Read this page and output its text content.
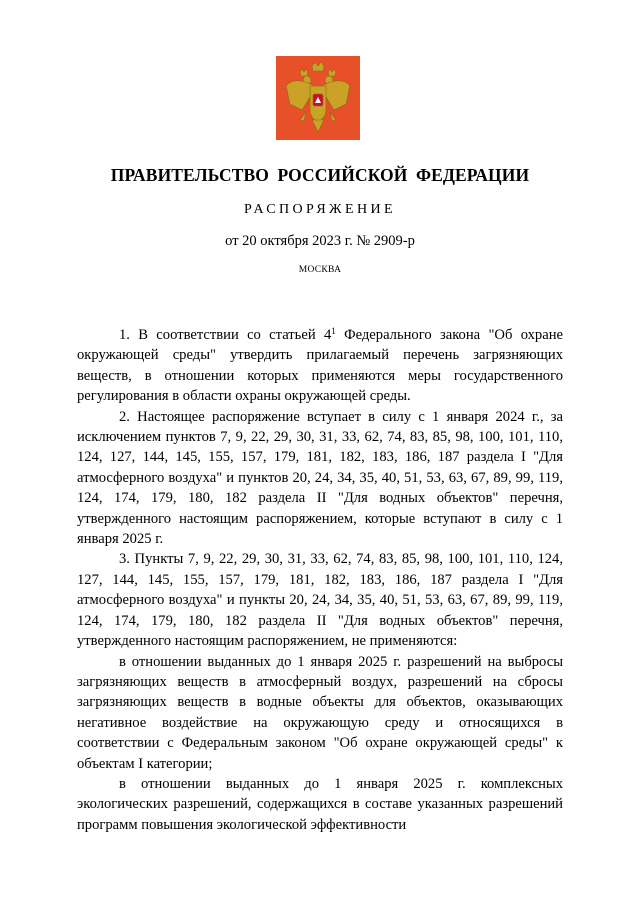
ПРАВИТЕЛЬСТВО РОССИЙСКОЙ ФЕДЕРАЦИИ
РАСПОРЯЖЕНИЕ
от 20 октября 2023 г. № 2909-р
МОСКВА

1. В соответствии со статьей $4^1$ Федерального закона "Об охране окружающей среды" утвердить прилагаемый перечень загрязняющих веществ, в отношении которых применяются меры государственного регулирования в области охраны окружающей среды.

2. Настоящее распоряжение вступает в силу с 1 января 2024 г., за исключением пунктов 7, 9, 22, 29, 30, 31, 33, 62, 74, 83, 85, 98, 100, 101, 110, 124, 127, 144, 145, 155, 157, 179, 181, 182, 183, 186, 187 раздела I "Для атмосферного воздуха" и пунктов 20, 24, 34, 35, 40, 51, 53, 63, 67, 89, 99, 119, 124, 174, 179, 180, 182 раздела II "Для водных объектов" перечня, утвержденного настоящим распоряжением, которые вступают в силу с 1 января 2025 г.

3. Пункты 7, 9, 22, 29, 30, 31, 33, 62, 74, 83, 85, 98, 100, 101, 110, 124, 127, 144, 145, 155, 157, 179, 181, 182, 183, 186, 187 раздела I "Для атмосферного воздуха" и пункты 20, 24, 34, 35, 40, 51, 53, 63, 67, 89, 99, 119, 124, 174, 179, 180, 182 раздела II "Для водных объектов" перечня, утвержденного настоящим распоряжением, не применяются:

в отношении выданных до 1 января 2025 г. разрешений на выбросы загрязняющих веществ в атмосферный воздух, разрешений на сбросы загрязняющих веществ в водные объекты для объектов, оказывающих негативное воздействие на окружающую среду и относящихся в соответствии с Федеральным законом "Об охране окружающей среды" к объектам I категории;

в отношении выданных до 1 января 2025 г. комплексных экологических разрешений, содержащихся в составе указанных разрешений программ повышения экологической эффективности
